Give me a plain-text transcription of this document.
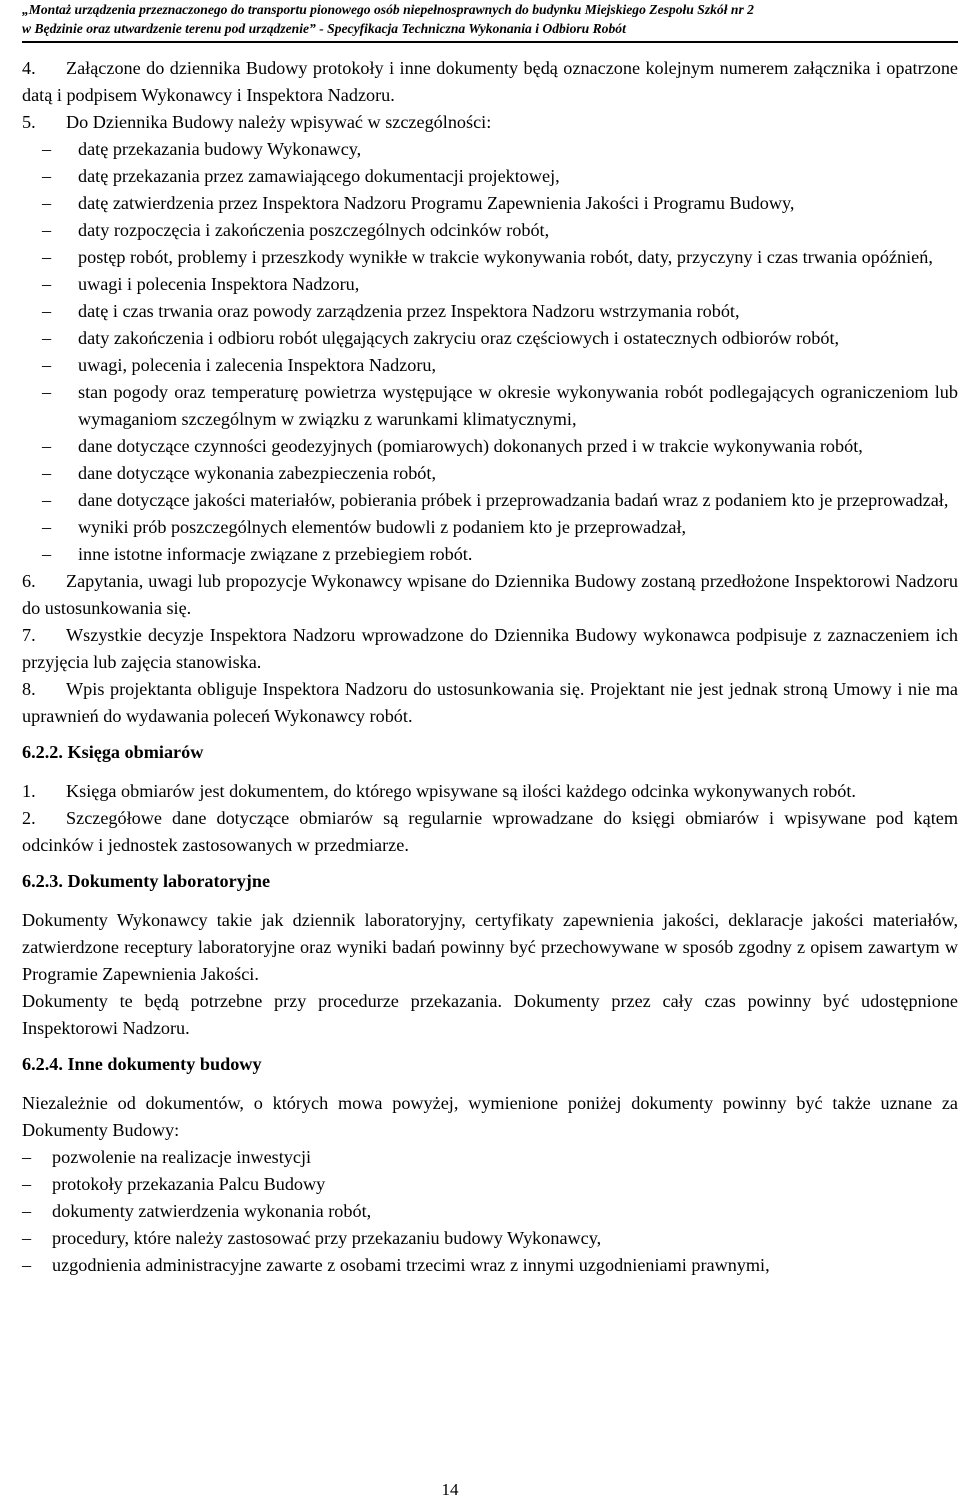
„Montaż urządzenia przeznaczonego do transportu pionowego osób niepełnosprawnych do budynku Miejskiego Zespołu Szkół nr 2
w Będzinie oraz utwardzenie terenu pod urządzenie” - Specyfikacja Techniczna Wykonania i Odbioru Robót

4. Załączone do dziennika Budowy protokoły i inne dokumenty będą oznaczone kolejnym numerem załącznika i opatrzone datą i podpisem Wykonawcy i Inspektora Nadzoru.

5. Do Dziennika Budowy należy wpisywać w szczególności:

– datę przekazania budowy Wykonawcy,

– datę przekazania przez zamawiającego dokumentacji projektowej,

– datę zatwierdzenia przez Inspektora Nadzoru Programu Zapewnienia Jakości i Programu Budowy,

– daty rozpoczęcia i zakończenia poszczególnych odcinków robót,

– postęp robót, problemy i przeszkody wynikłe w trakcie wykonywania robót, daty, przyczyny i czas trwania opóźnień,

– uwagi i polecenia Inspektora Nadzoru,

– datę i czas trwania oraz powody zarządzenia przez Inspektora Nadzoru wstrzymania robót,

– daty zakończenia i odbioru robót ulęgających zakryciu oraz częściowych i ostatecznych odbiorów robót,

– uwagi, polecenia i zalecenia Inspektora Nadzoru,

– stan pogody oraz temperaturę powietrza występujące w okresie wykonywania robót podlegających ograniczeniom lub wymaganiom szczególnym w związku z warunkami klimatycznymi,

– dane dotyczące czynności geodezyjnych (pomiarowych) dokonanych przed i w trakcie wykonywania robót,

– dane dotyczące wykonania zabezpieczenia robót,

– dane dotyczące jakości materiałów, pobierania próbek i przeprowadzania badań wraz z podaniem kto je przeprowadzał,

– wyniki prób poszczególnych elementów budowli z podaniem kto je przeprowadzał,

– inne istotne informacje związane z przebiegiem robót.

6. Zapytania, uwagi lub propozycje Wykonawcy wpisane do Dziennika Budowy zostaną przedłożone Inspektorowi Nadzoru do ustosunkowania się.

7. Wszystkie decyzje Inspektora Nadzoru wprowadzone do Dziennika Budowy wykonawca podpisuje z zaznaczeniem ich przyjęcia lub zajęcia stanowiska.

8. Wpis projektanta obliguje Inspektora Nadzoru do ustosunkowania się. Projektant nie jest jednak stroną Umowy i nie ma uprawnień do wydawania poleceń Wykonawcy robót.

6.2.2. Księga obmiarów

1. Księga obmiarów jest dokumentem, do którego wpisywane są ilości każdego odcinka wykonywanych robót.

2. Szczegółowe dane dotyczące obmiarów są regularnie wprowadzane do księgi obmiarów i wpisywane pod kątem odcinków i jednostek zastosowanych w przedmiarze.

6.2.3. Dokumenty laboratoryjne

Dokumenty Wykonawcy takie jak dziennik laboratoryjny, certyfikaty zapewnienia jakości, deklaracje jakości materiałów, zatwierdzone receptury laboratoryjne oraz wyniki badań powinny być przechowywane w sposób zgodny z opisem zawartym w Programie Zapewnienia Jakości.

Dokumenty te będą potrzebne przy procedurze przekazania. Dokumenty przez cały czas powinny być udostępnione Inspektorowi Nadzoru.

6.2.4. Inne dokumenty budowy

Niezależnie od dokumentów, o których mowa powyżej, wymienione poniżej dokumenty powinny być także uznane za Dokumenty Budowy:

– pozwolenie na realizacje inwestycji

– protokoły przekazania Palcu Budowy

– dokumenty zatwierdzenia wykonania robót,

– procedury, które należy zastosować przy przekazaniu budowy Wykonawcy,

– uzgodnienia administracyjne zawarte z osobami trzecimi wraz z innymi uzgodnieniami prawnymi,

14
